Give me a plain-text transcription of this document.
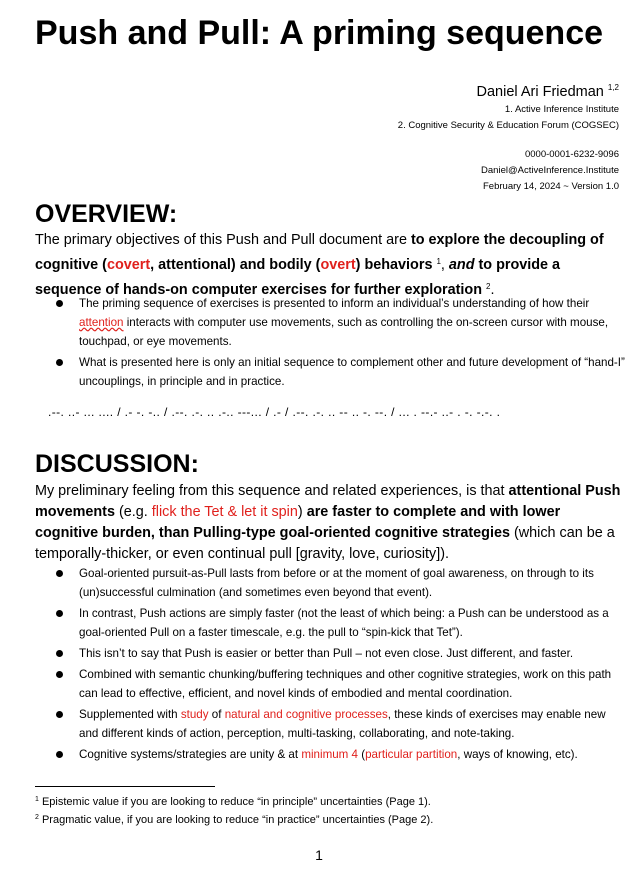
Push and Pull: A priming sequence
Daniel Ari Friedman $^{1,2}$
1. Active Inference Institute
2. Cognitive Security & Education Forum (COGSEC)
0000-0001-6232-9096
Daniel@ActiveInference.Institute
February 14, 2024 ~ Version 1.0
OVERVIEW:

The primary objectives of this Push and Pull document are to explore the decoupling of cognitive (covert, attentional) and bodily (overt) behaviors $^1$, and to provide a sequence of hands-on computer exercises for further exploration $^2$.

The priming sequence of exercises is presented to inform an individual’s understanding of how their attention interacts with computer use movements, such as controlling the on-screen cursor with mouse, touchpad, or eye movements.
What is presented here is only an initial sequence to complement other and future development of “hand-I” uncouplings, in principle and in practice.
.--. ..- ... .... / .- -. -.. / .--. .-. .. .-.. ---... / .- / .--. .-. .. -- .. -. --. / ... . --.- ..- . -. -.-. .
DISCUSSION:

My preliminary feeling from this sequence and related experiences, is that attentional Push movements (e.g. flick the Tet & let it spin) are faster to complete and with lower cognitive burden, than Pulling-type goal-oriented cognitive strategies (which can be a temporally-thicker, or even continual pull [gravity, love, curiosity]).

Goal-oriented pursuit-as-Pull lasts from before or at the moment of goal awareness, on through to its (un)successful culmination (and sometimes even beyond that event).
In contrast, Push actions are simply faster (not the least of which being: a Push can be understood as a goal-oriented Pull on a faster timescale, e.g. the pull to “spin-kick that Tet”).
This isn’t to say that Push is easier or better than Pull – not even close. Just different, and faster.
Combined with semantic chunking/buffering techniques and other cognitive strategies, work on this path can lead to effective, efficient, and novel kinds of embodied and mental coordination.
Supplemented with study of natural and cognitive processes, these kinds of exercises may enable new and different kinds of action, perception, multi-tasking, collaborating, and note-taking.
Cognitive systems/strategies are unity & at minimum 4 (particular partition, ways of knowing, etc).
$^1$ Epistemic value if you are looking to reduce “in principle” uncertainties (Page 1).
$^2$ Pragmatic value, if you are looking to reduce “in practice” uncertainties (Page 2).
1
